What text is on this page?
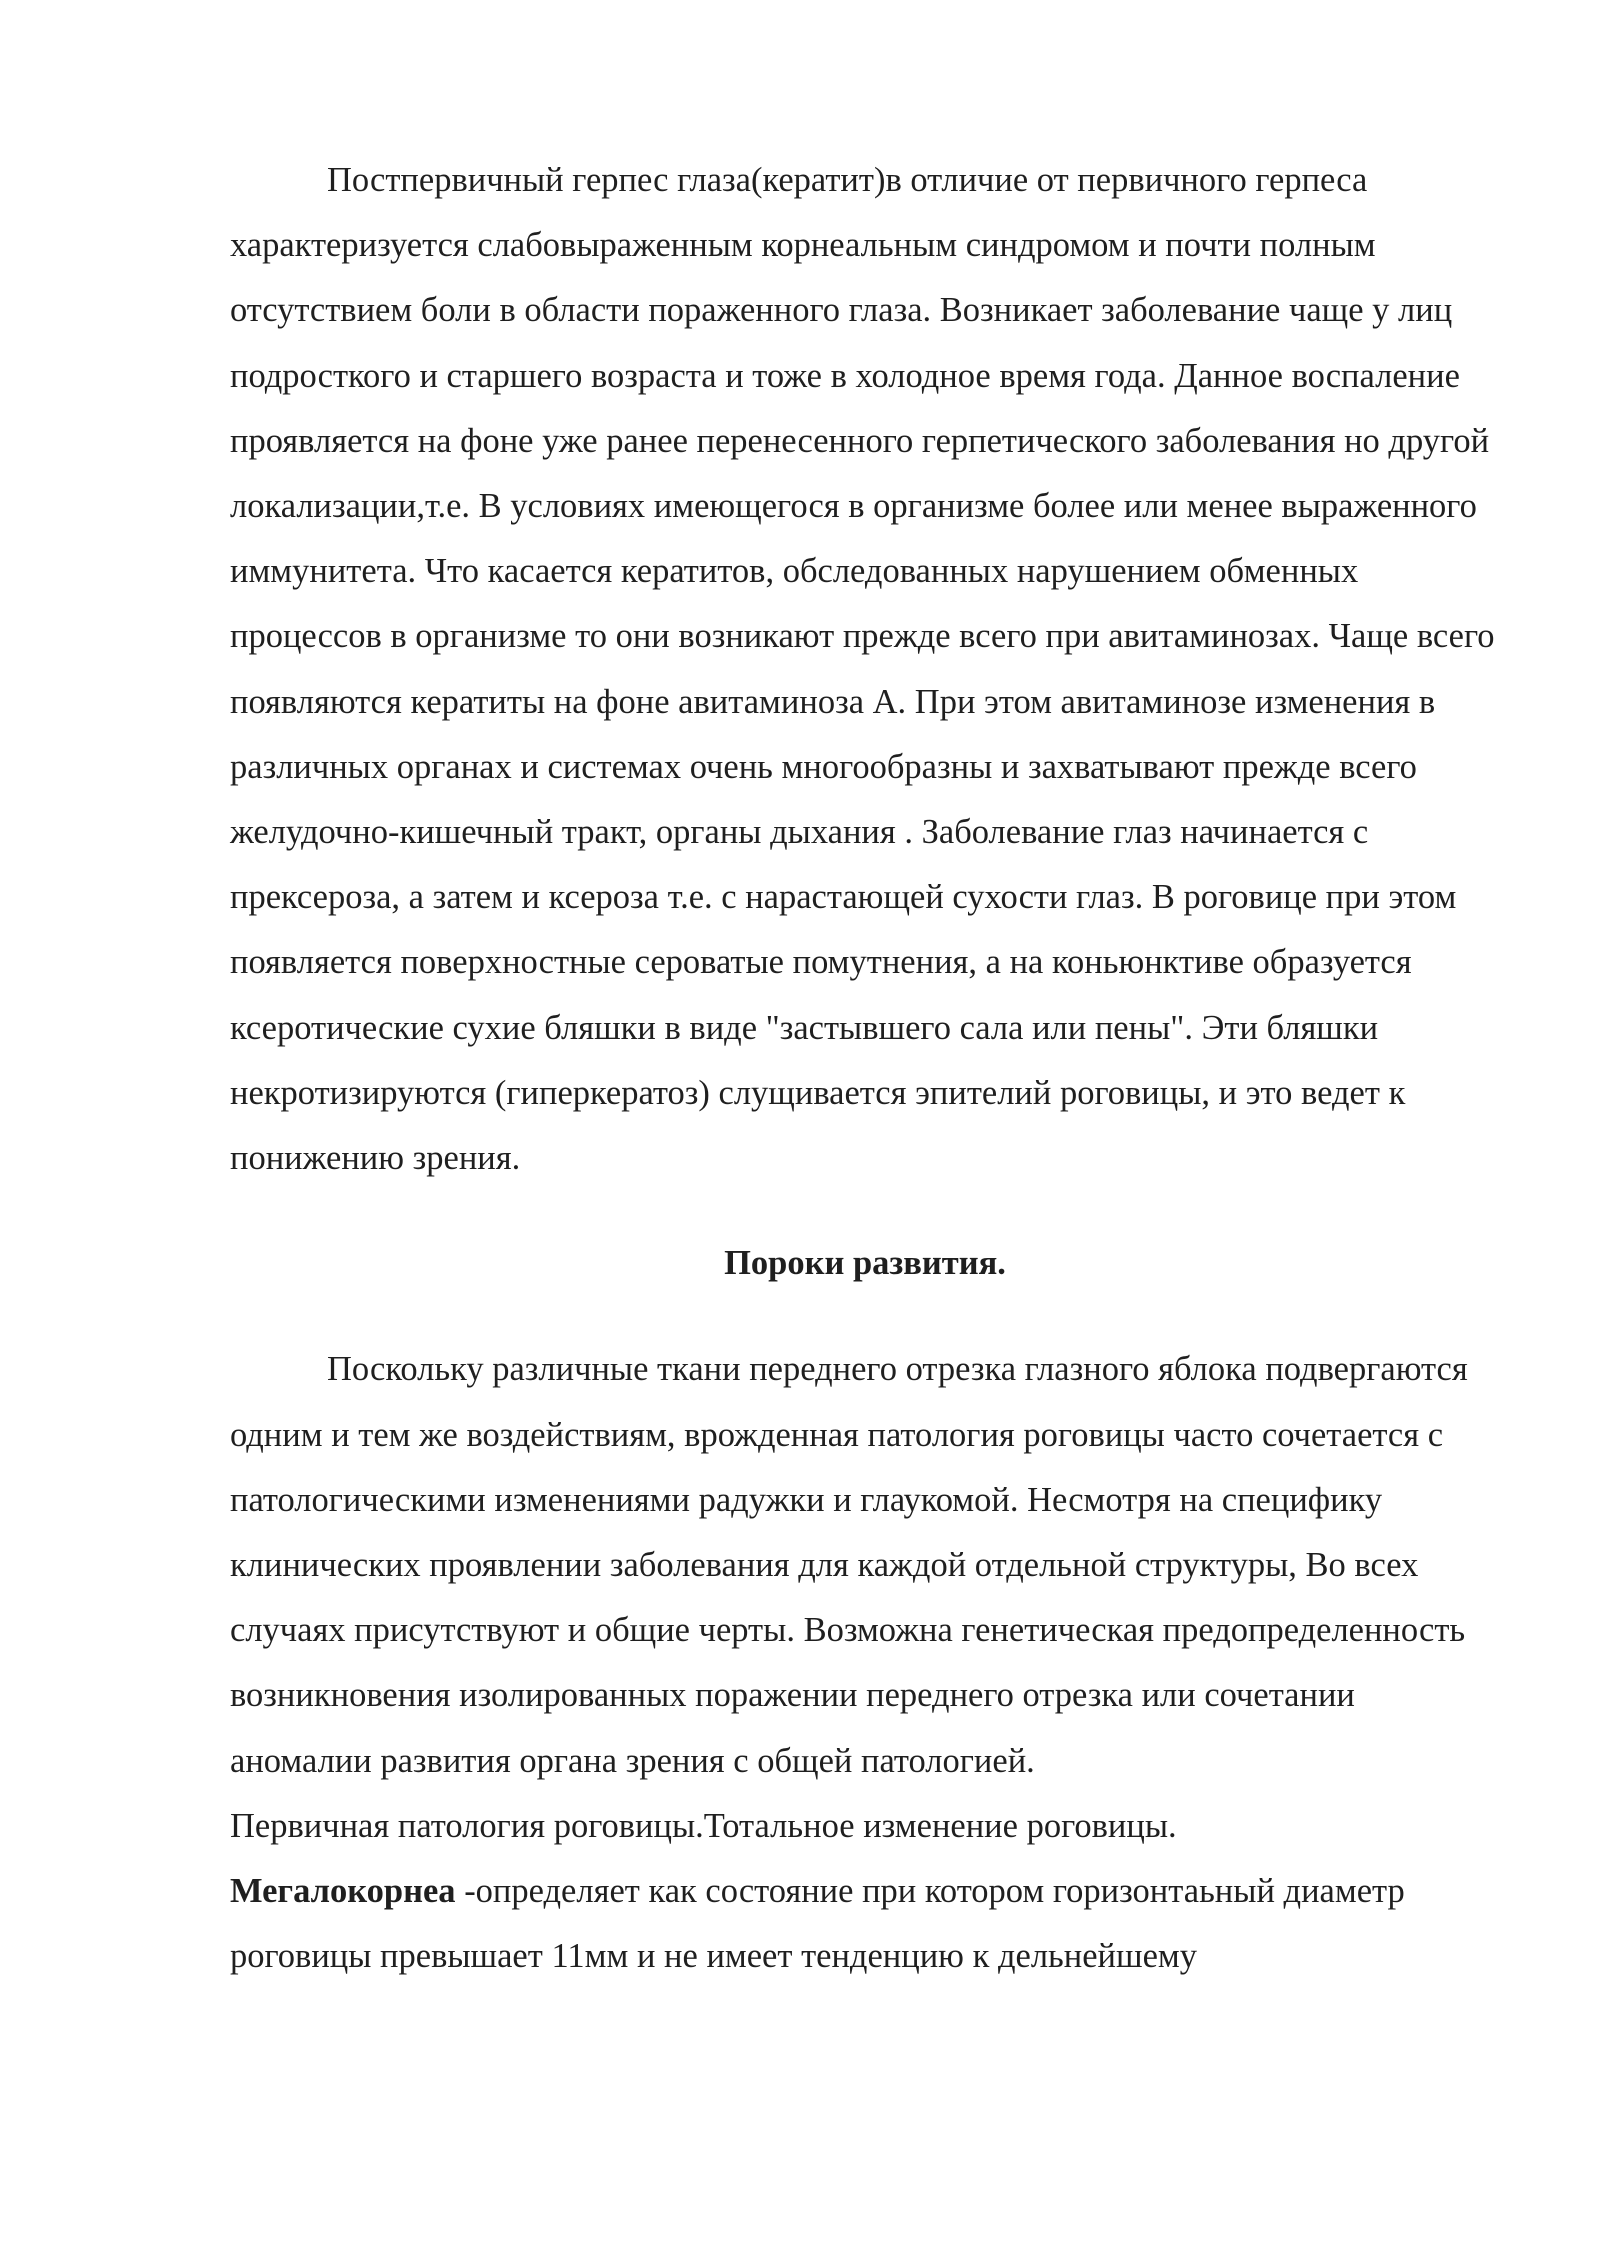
Постпервичный герпес глаза(кератит)в отличие от первичного герпеса характеризуется слабовыраженным корнеальным синдромом и почти полным отсутствием боли в области пораженного глаза. Возникает заболевание чаще у лиц подросткого и старшего возраста и тоже в холодное время года. Данное воспаление проявляется на фоне уже ранее перенесенного герпетического заболевания но другой локализации,т.е. В условиях имеющегося в организме более или менее выраженного иммунитета. Что касается кератитов, обследованных нарушением обменных процессов в организме то они возникают прежде всего при авитаминозах. Чаще всего появляются кератиты на фоне авитаминоза А. При этом авитаминозе изменения в различных органах и системах очень многообразны и захватывают прежде всего желудочно-кишечный тракт, органы дыхания . Заболевание глаз начинается с прексероза, а затем и ксероза т.е. с нарастающей сухости глаз. В роговице при этом появляется поверхностные сероватые помутнения, а на коньюнктиве образуется ксеротические сухие бляшки в виде "застывшего сала или пены". Эти бляшки некротизируются (гиперкератоз) слущивается эпителий роговицы, и это ведет к понижению зрения.

Пороки развития.

Поскольку различные ткани переднего отрезка глазного яблока подвергаются одним и тем же воздействиям, врожденная патология роговицы часто сочетается с патологическими изменениями радужки и глаукомой. Несмотря на специфику клинических проявлении заболевания для каждой отдельной структуры, Во всех случаях присутствуют и общие черты. Возможна генетическая предопределенность возникновения изолированных поражении переднего отрезка или сочетании аномалии развития органа зрения с общей патологией.

Первичная патология роговицы.Тотальное изменение роговицы.

Мегалокорнеа -определяет как состояние при котором горизонтаьный диаметр роговицы превышает 11мм и не имеет тенденцию к дельнейшему
